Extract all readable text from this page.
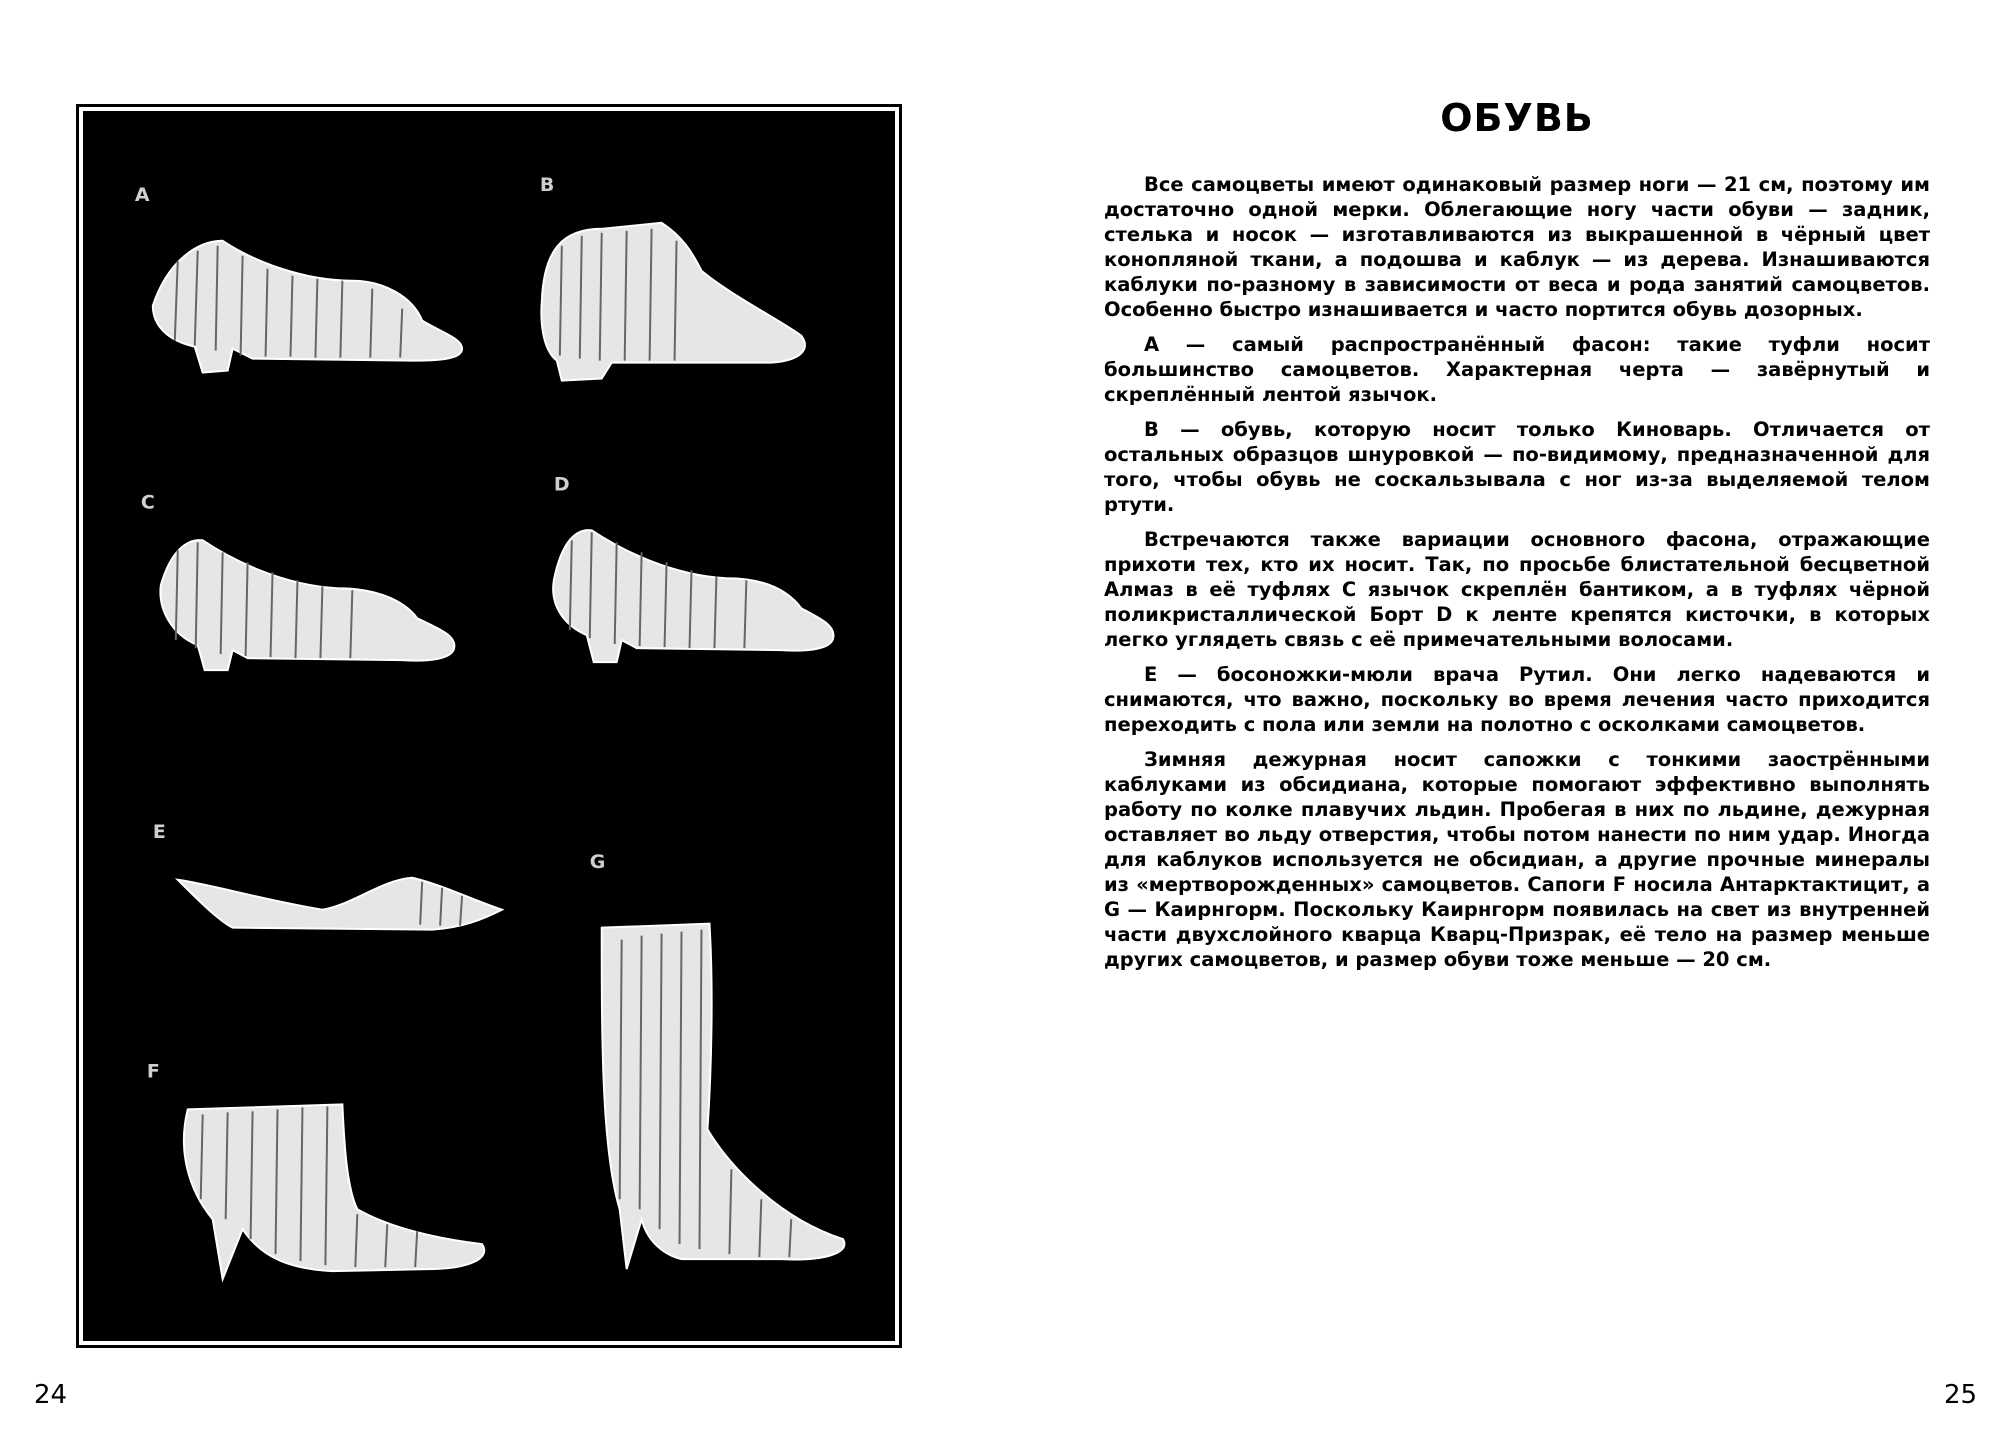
A	B
C
D
E
G
F
24
ОБУВЬ

Все самоцветы имеют одинаковый размер ноги — 21 см, поэтому им достаточно одной мерки. Облегающие ногу части обуви — задник, стелька и носок — изготавливаются из выкрашенной в чёрный цвет конопляной ткани, а подошва и каблук — из дерева. Изнашиваются каблуки по-разному в зависимости от веса и рода занятий самоцветов. Особенно быстро изнашивается и часто портится обувь дозорных.

A — самый распространённый фасон: такие туфли носит большинство самоцветов. Характерная черта — завёрнутый и скреплённый лентой язычок.

B — обувь, которую носит только Киноварь. Отличается от остальных образцов шнуровкой — по-видимому, предназначенной для того, чтобы обувь не соскальзывала с ног из-за выделяемой телом ртути.

Встречаются также вариации основного фасона, отражающие прихоти тех, кто их носит. Так, по просьбе блистательной бесцветной Алмаз в её туфлях C язычок скреплён бантиком, а в туфлях чёрной поликристаллической Борт D к ленте крепятся кисточки, в которых легко углядеть связь с её примечательными волосами.

E — босоножки-мюли врача Рутил. Они легко надеваются и снимаются, что важно, поскольку во время лечения часто приходится переходить с пола или земли на полотно с осколками самоцветов.

Зимняя дежурная носит сапожки с тонкими заострёнными каблуками из обсидиана, которые помогают эффективно выполнять работу по колке плавучих льдин. Пробегая в них по льдине, дежурная оставляет во льду отверстия, чтобы потом нанести по ним удар. Иногда для каблуков используется не обсидиан, а другие прочные минералы из «мертворожденных» самоцветов. Сапоги F носила Антарктактицит, а G — Каирнгорм. Поскольку Каирнгорм появилась на свет из внутренней части двухслойного кварца Кварц-Призрак, её тело на размер меньше других самоцветов, и размер обуви тоже меньше — 20 см.

25
